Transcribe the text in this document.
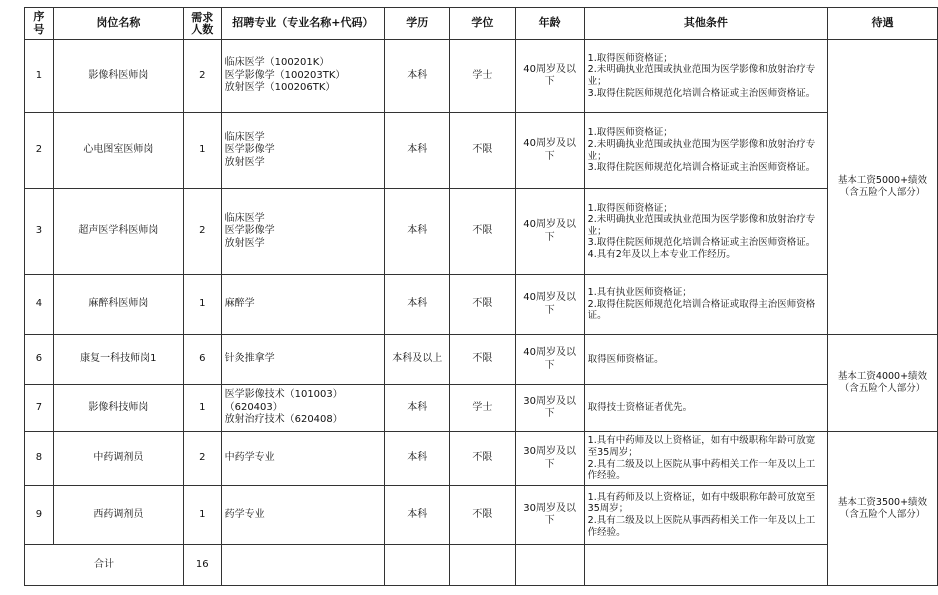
序号	岗位名称	需求人数	招聘专业（专业名称+代码）	学历	学位	年龄	其他条件	待遇
1	影像科医师岗	2	临床医学（100201K）
医学影像学（100203TK）
放射医学（100206TK）	本科	学士	40周岁及以下	1.取得医师资格证；
2.未明确执业范围或执业范围为医学影像和放射治疗专业；
3.取得住院医师规范化培训合格证或主治医师资格证。	基本工资5000+绩效
（含五险个人部分）

2	心电图室医师岗	1	临床医学
医学影像学
放射医学	本科	不限	40周岁及以下	1.取得医师资格证；
2.未明确执业范围或执业范围为医学影像和放射治疗专业；
3.取得住院医师规范化培训合格证或主治医师资格证。	

3	超声医学科医师岗	2	临床医学
医学影像学
放射医学	本科	不限	40周岁及以下	1.取得医师资格证；
2.未明确执业范围或执业范围为医学影像和放射治疗专业；
3.取得住院医师规范化培训合格证或主治医师资格证。
4.具有2年及以上本专业工作经历。	

4	麻醉科医师岗	1	麻醉学	本科	不限	40周岁及以下	1.具有执业医师资格证；
2.取得住院医师规范化培训合格证或取得主治医师资格证。	

6	康复一科技师岗1	6	针灸推拿学	本科及以上	不限	40周岁及以下	取得医师资格证。	基本工资4000+绩效
（含五险个人部分）

7	影像科技师岗	1	医学影像技术（101003）
（620403）
放射治疗技术（620408）	本科	学士	30周岁及以下	取得技士资格证者优先。	

8	中药调剂员	2	中药学专业	本科	不限	30周岁及以下	1.具有中药师及以上资格证，如有中级职称年龄可放宽至35周岁；
2.具有二级及以上医院从事中药相关工作一年及以上工作经验。	基本工资3500+绩效
（含五险个人部分）

9	西药调剂员	1	药学专业	本科	不限	30周岁及以下	1.具有药师及以上资格证，如有中级职称年龄可放宽至35周岁；
2.具有二级及以上医院从事西药相关工作一年及以上工作经验。	

合计		16						
